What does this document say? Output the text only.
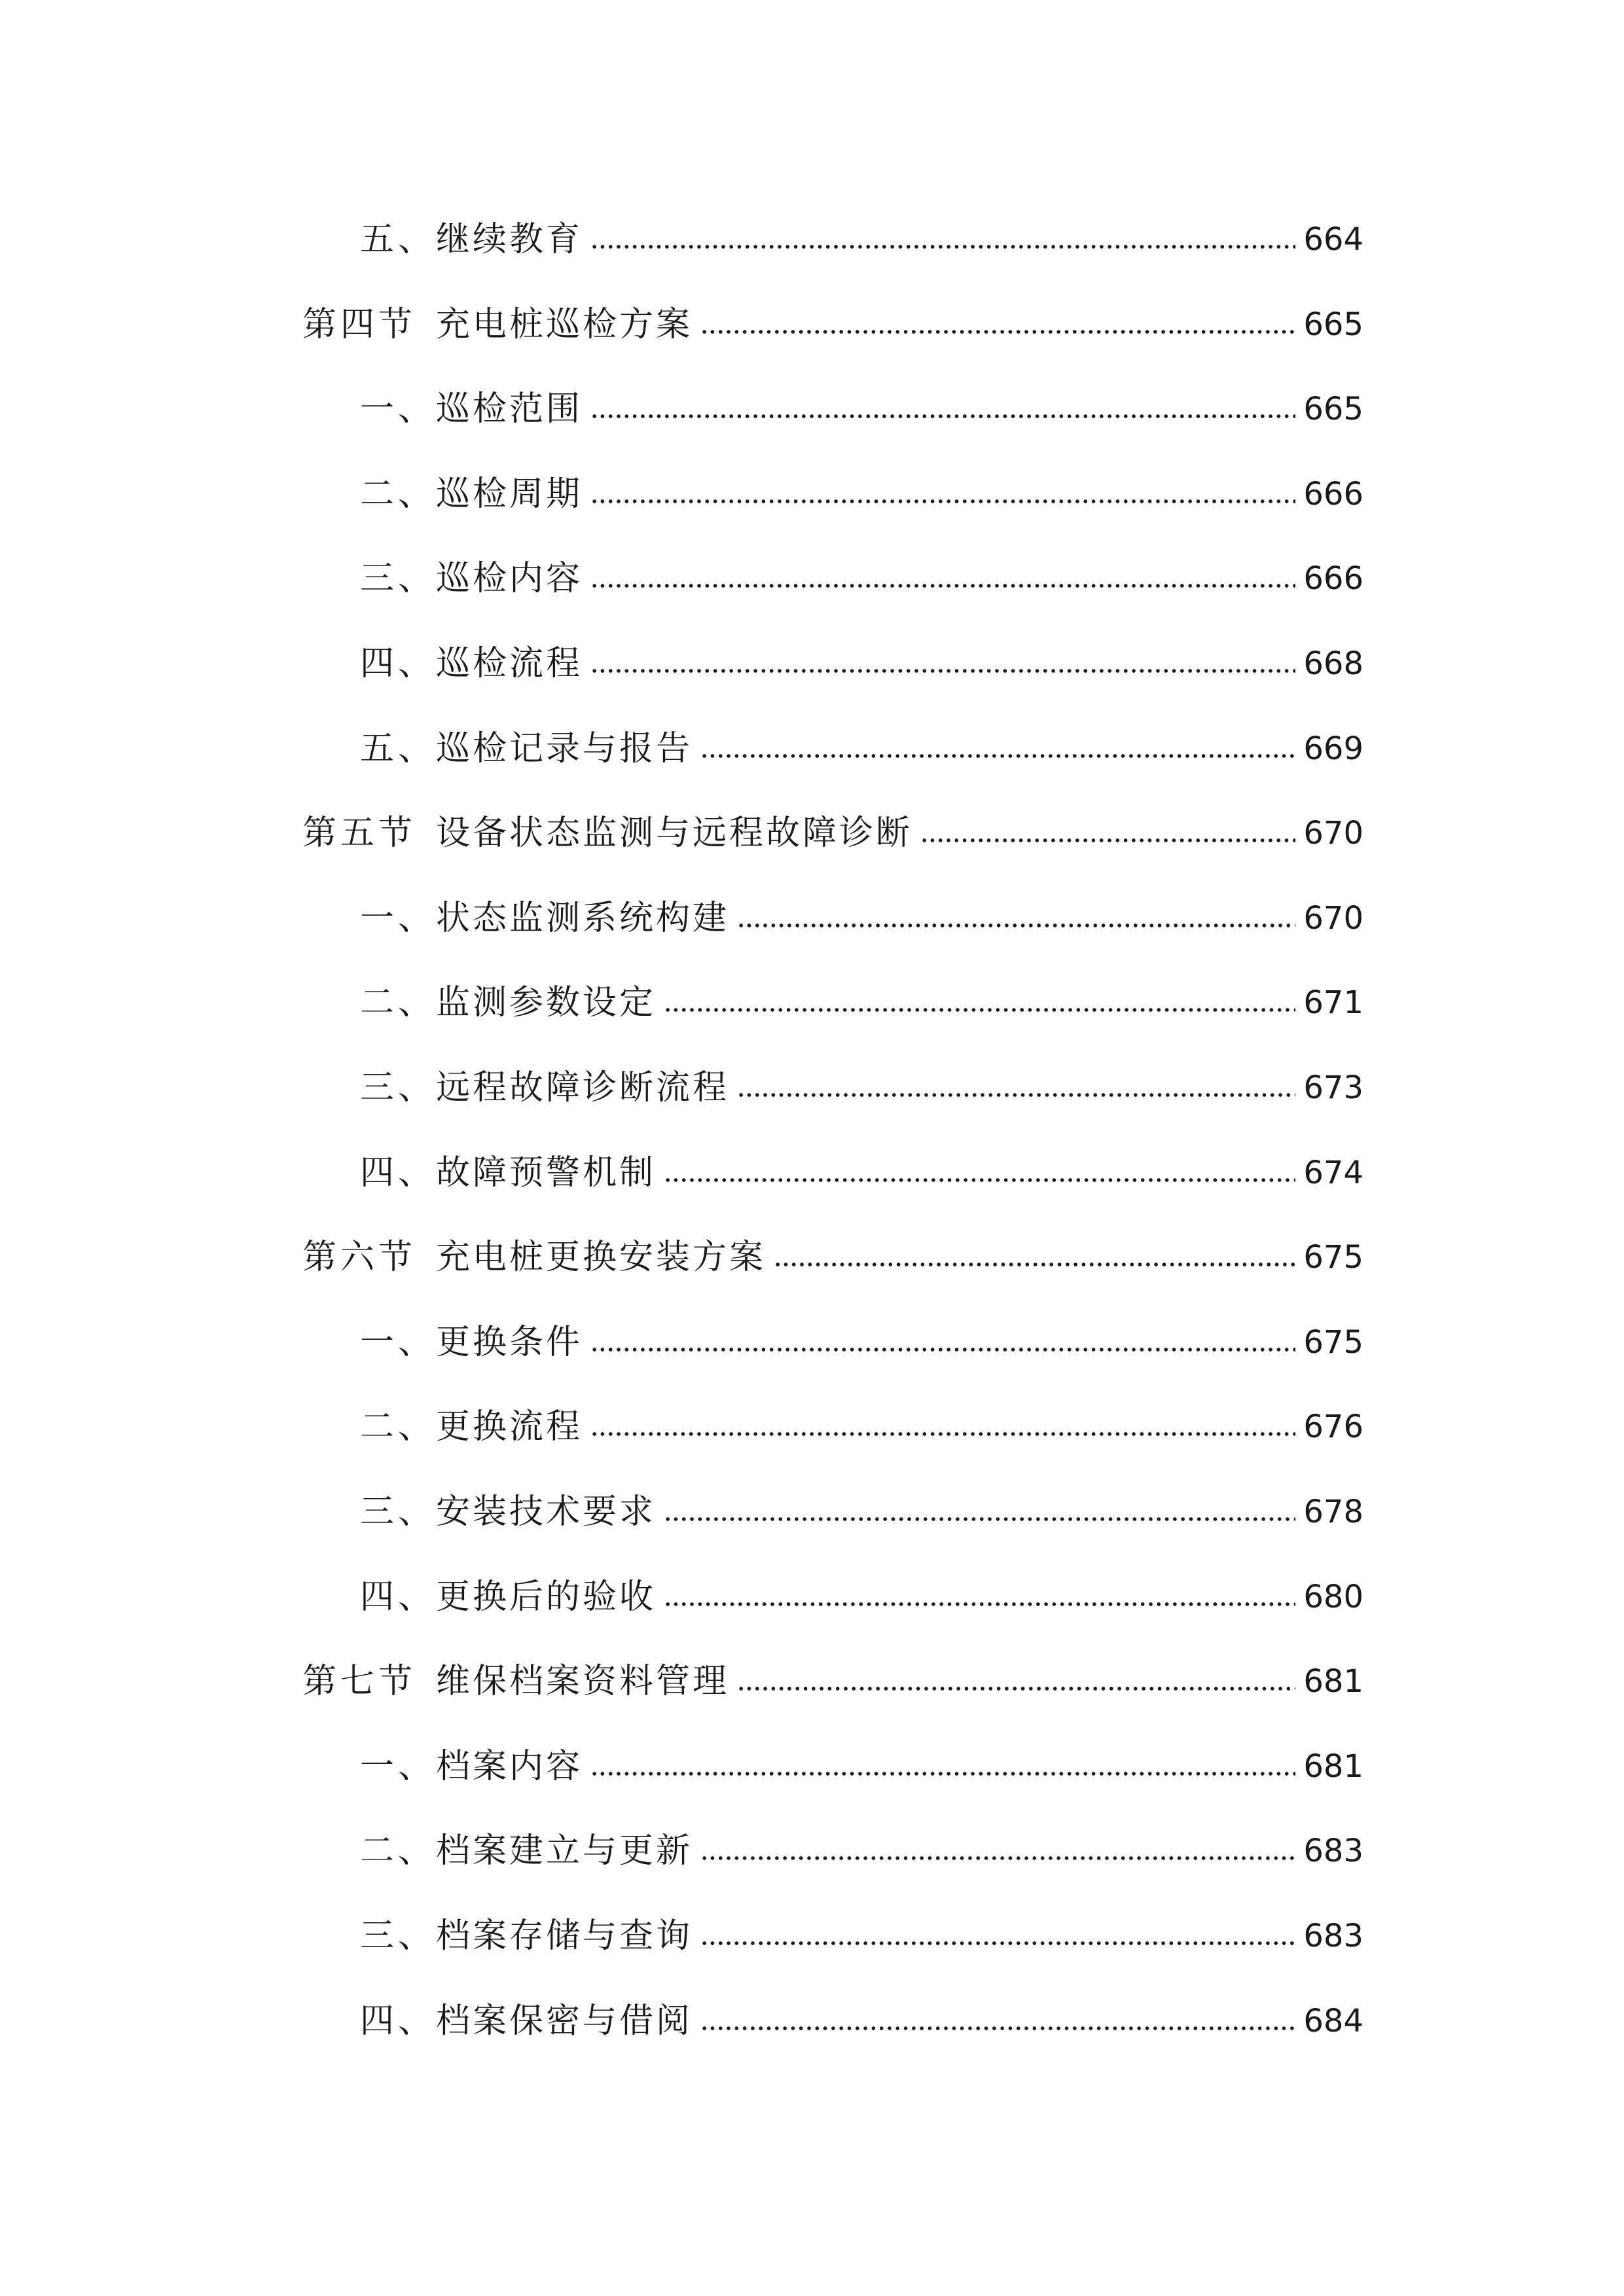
五、继续教育	664
第四节 充电桩巡检方案	665
一、巡检范围	665
二、巡检周期	666
三、巡检内容	666
四、巡检流程	668
五、巡检记录与报告	669
第五节 设备状态监测与远程故障诊断	670
一、状态监测系统构建	670
二、监测参数设定	671
三、远程故障诊断流程	673
四、故障预警机制	674
第六节 充电桩更换安装方案	675
一、更换条件	675
二、更换流程	676
三、安装技术要求	678
四、更换后的验收	680
第七节 维保档案资料管理	681
一、档案内容	681
二、档案建立与更新	683
三、档案存储与查询	683
四、档案保密与借阅	684
